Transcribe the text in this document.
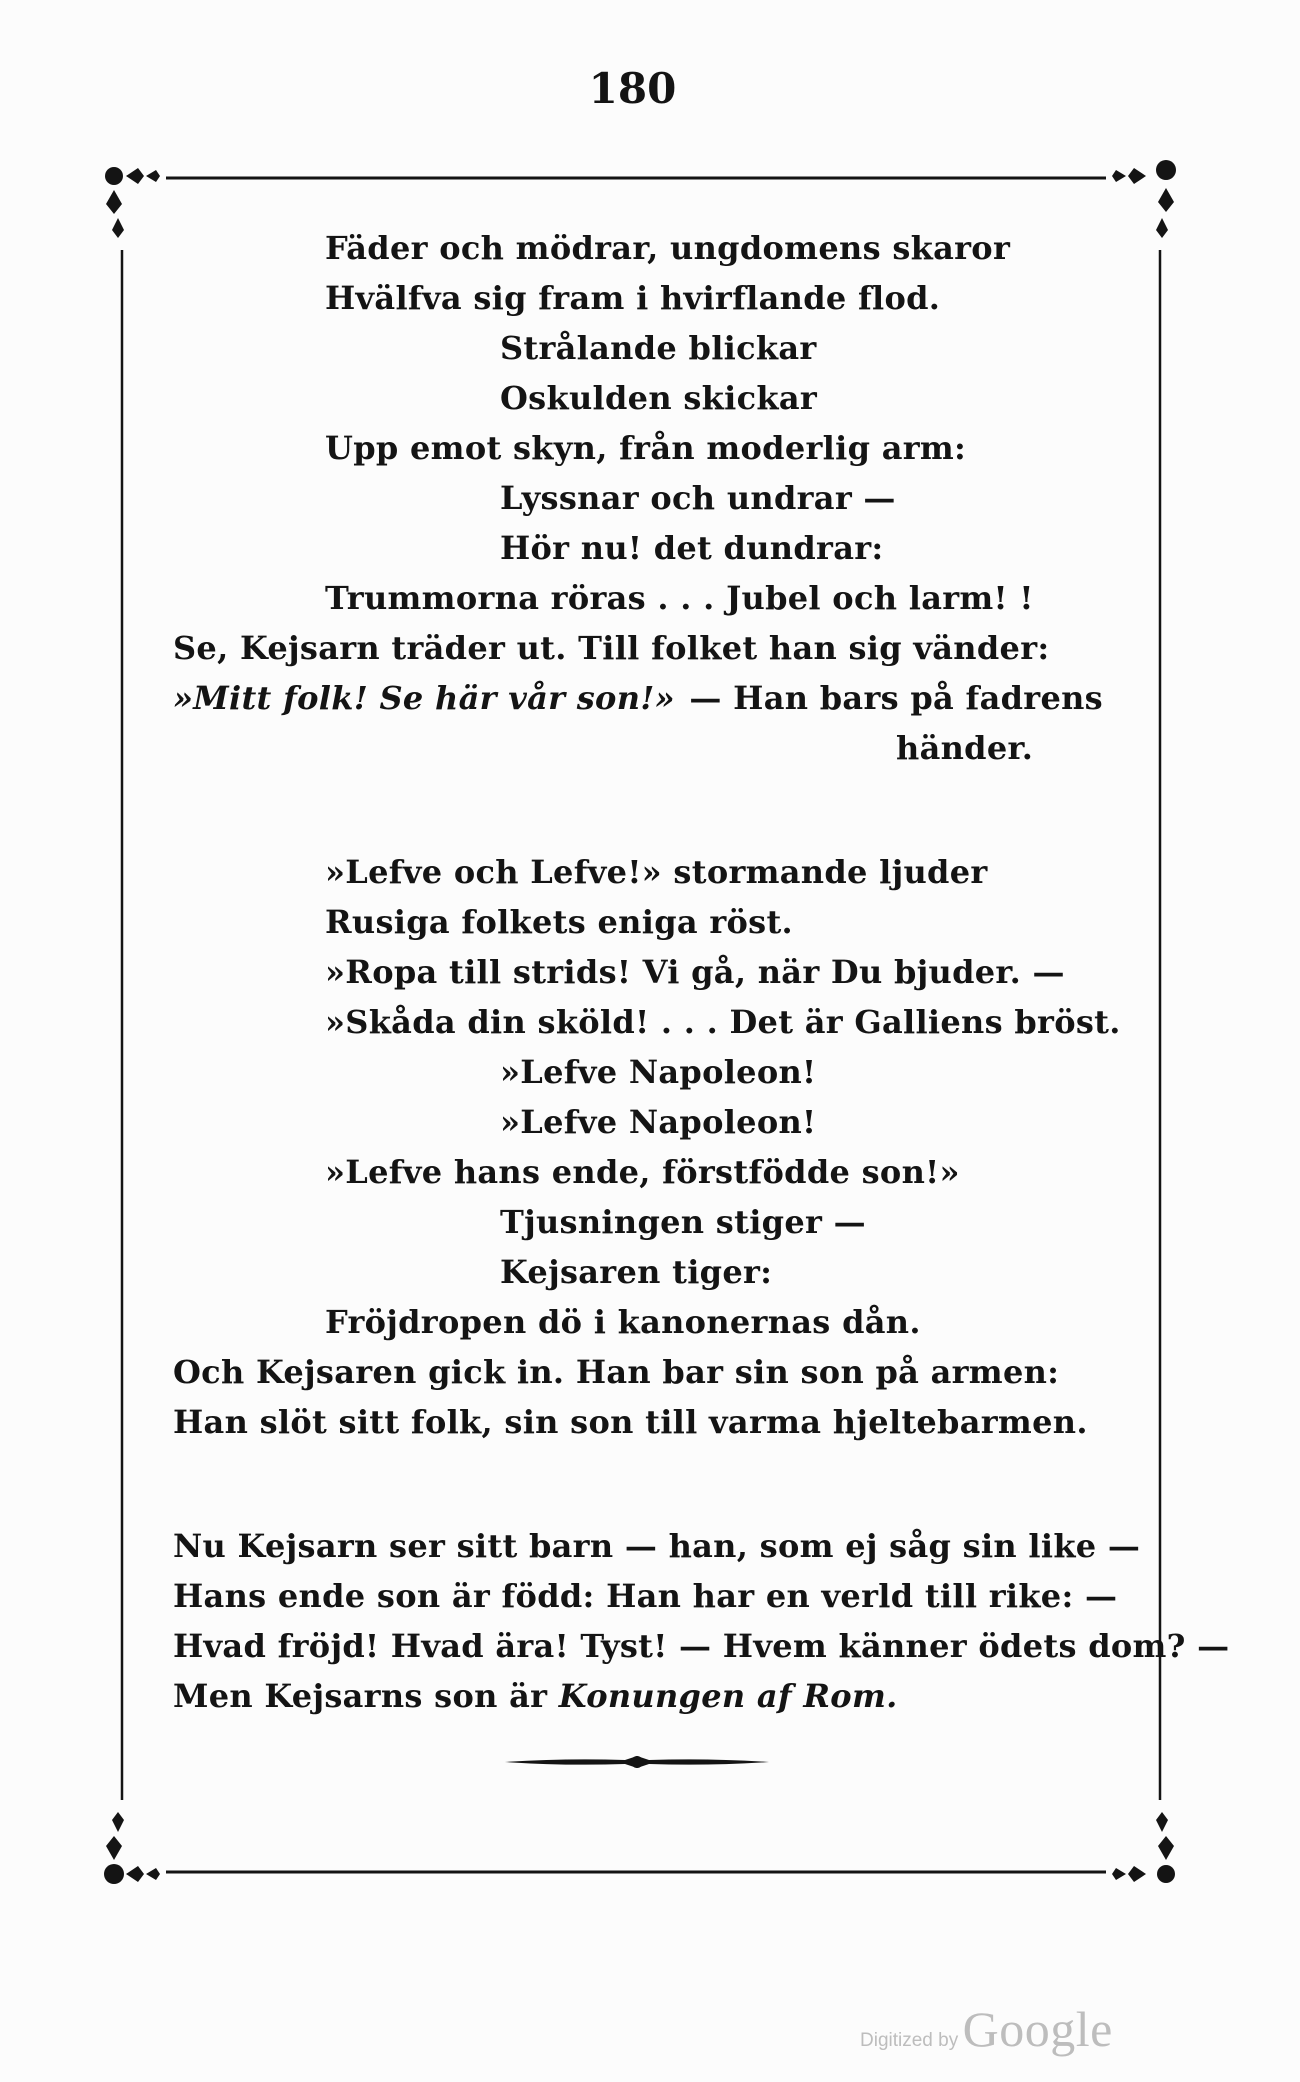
180
Fäder och mödrar, ungdomens skaror
Hvälfva sig fram i hvirflande flod.
Strålande blickar
Oskulden skickar
Upp emot skyn, från moderlig arm:
Lyssnar och undrar —
Hör nu! det dundrar:
Trummorna röras . . . Jubel och larm! !
Se, Kejsarn träder ut. Till folket han sig vänder:
»Mitt folk! Se här vår son!» — Han bars på fadrens
händer.
»Lefve och Lefve!» stormande ljuder
Rusiga folkets eniga röst.
»Ropa till strids! Vi gå, när Du bjuder. —
»Skåda din sköld! . . . Det är Galliens bröst.
»Lefve Napoleon!
»Lefve Napoleon!
»Lefve hans ende, förstfödde son!»
Tjusningen stiger —
Kejsaren tiger:
Fröjdropen dö i kanonernas dån.
Och Kejsaren gick in. Han bar sin son på armen:
Han slöt sitt folk, sin son till varma hjeltebarmen.
Nu Kejsarn ser sitt barn — han, som ej såg sin like —
Hans ende son är född: Han har en verld till rike: —
Hvad fröjd! Hvad ära! Tyst! — Hvem känner ödets dom? —
Men Kejsarns son är Konungen af Rom.
Digitized by Google
